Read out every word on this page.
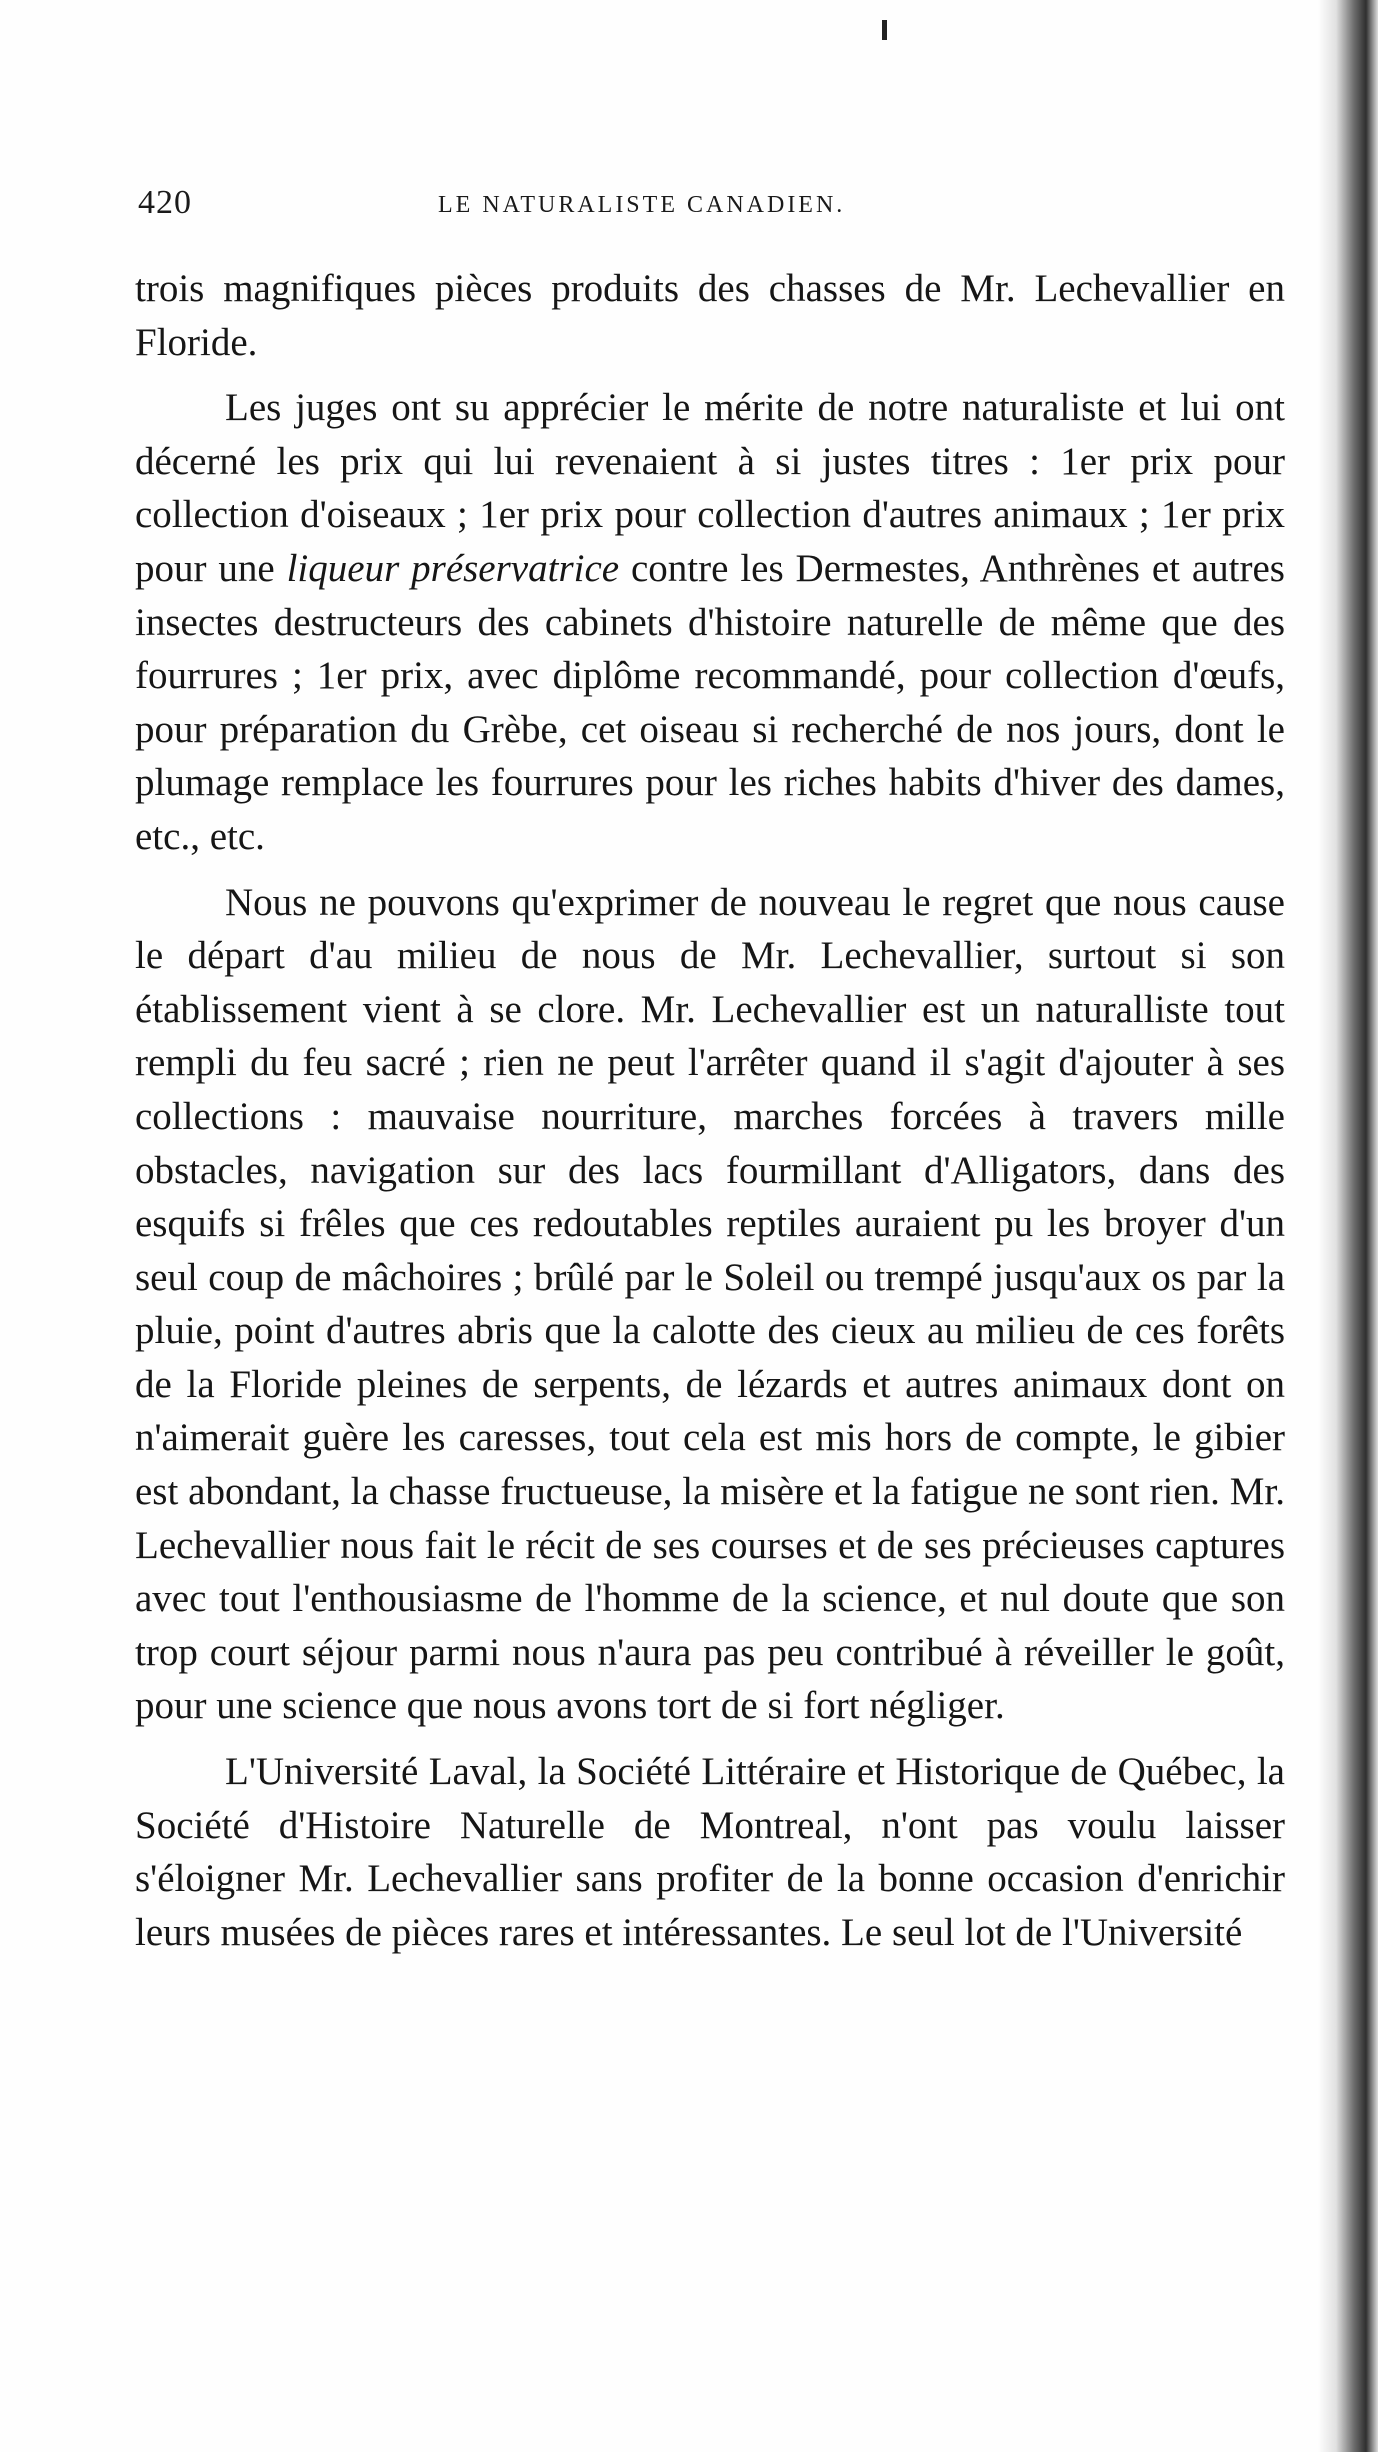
420	LE NATURALISTE CANADIEN.

trois magnifiques pièces produits des chasses de Mr. Lechevallier en Floride.

Les juges ont su apprécier le mérite de notre naturaliste et lui ont décerné les prix qui lui revenaient à si justes titres : 1er prix pour collection d'oiseaux ; 1er prix pour collection d'autres animaux ; 1er prix pour une liqueur préservatrice contre les Dermestes, Anthrènes et autres insectes destructeurs des cabinets d'histoire naturelle de même que des fourrures ; 1er prix, avec diplôme recommandé, pour collection d'œufs, pour préparation du Grèbe, cet oiseau si recherché de nos jours, dont le plumage remplace les fourrures pour les riches habits d'hiver des dames, etc., etc.

Nous ne pouvons qu'exprimer de nouveau le regret que nous cause le départ d'au milieu de nous de Mr. Lechevallier, surtout si son établissement vient à se clore. Mr. Lechevallier est un naturalliste tout rempli du feu sacré ; rien ne peut l'arrêter quand il s'agit d'ajouter à ses collections : mauvaise nourriture, marches forcées à travers mille obstacles, navigation sur des lacs fourmillant d'Alligators, dans des esquifs si frêles que ces redoutables reptiles auraient pu les broyer d'un seul coup de mâchoires ; brûlé par le Soleil ou trempé jusqu'aux os par la pluie, point d'autres abris que la calotte des cieux au milieu de ces forêts de la Floride pleines de serpents, de lézards et autres animaux dont on n'aimerait guère les caresses, tout cela est mis hors de compte, le gibier est abondant, la chasse fructueuse, la misère et la fatigue ne sont rien. Mr. Lechevallier nous fait le récit de ses courses et de ses précieuses captures avec tout l'enthousiasme de l'homme de la science, et nul doute que son trop court séjour parmi nous n'aura pas peu contribué à réveiller le goût, pour une science que nous avons tort de si fort négliger.

L'Université Laval, la Société Littéraire et Historique de Québec, la Société d'Histoire Naturelle de Montreal, n'ont pas voulu laisser s'éloigner Mr. Lechevallier sans profiter de la bonne occasion d'enrichir leurs musées de pièces rares et intéressantes. Le seul lot de l'Université
